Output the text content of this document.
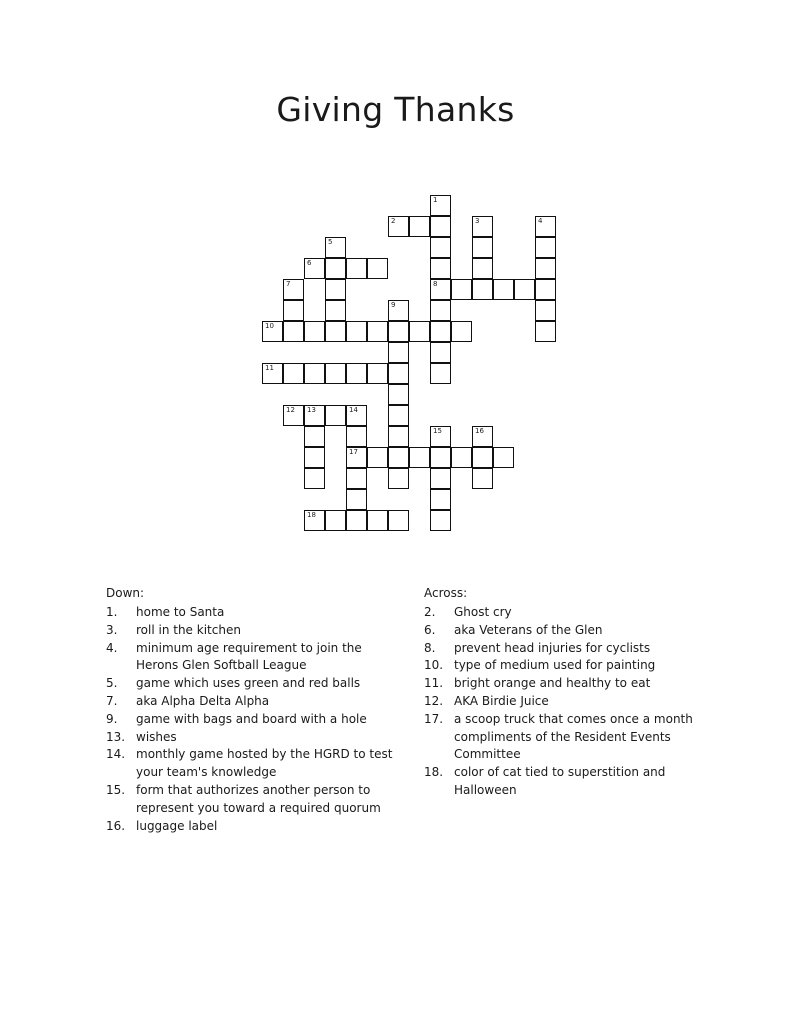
Giving Thanks
1
8
2	3	4
5
6
7
9
10
11
12 13	14
17
15	16
18
Down:
1. home to Santa
3. roll in the kitchen
4. minimum age requirement to join the
Herons Glen Softball League
5. game which uses green and red balls
7. aka Alpha Delta Alpha
9. game with bags and board with a hole
13. wishes
14. monthly game hosted by the HGRD to test
your team's knowledge
15. form that authorizes another person to
represent you toward a required quorum
16. luggage label
Across:
2. Ghost cry
6. aka Veterans of the Glen
8. prevent head injuries for cyclists
10. type of medium used for painting
11. bright orange and healthy to eat
12. AKA Birdie Juice
17. a scoop truck that comes once a month
compliments of the Resident Events
Committee
18. color of cat tied to superstition and
Halloween
